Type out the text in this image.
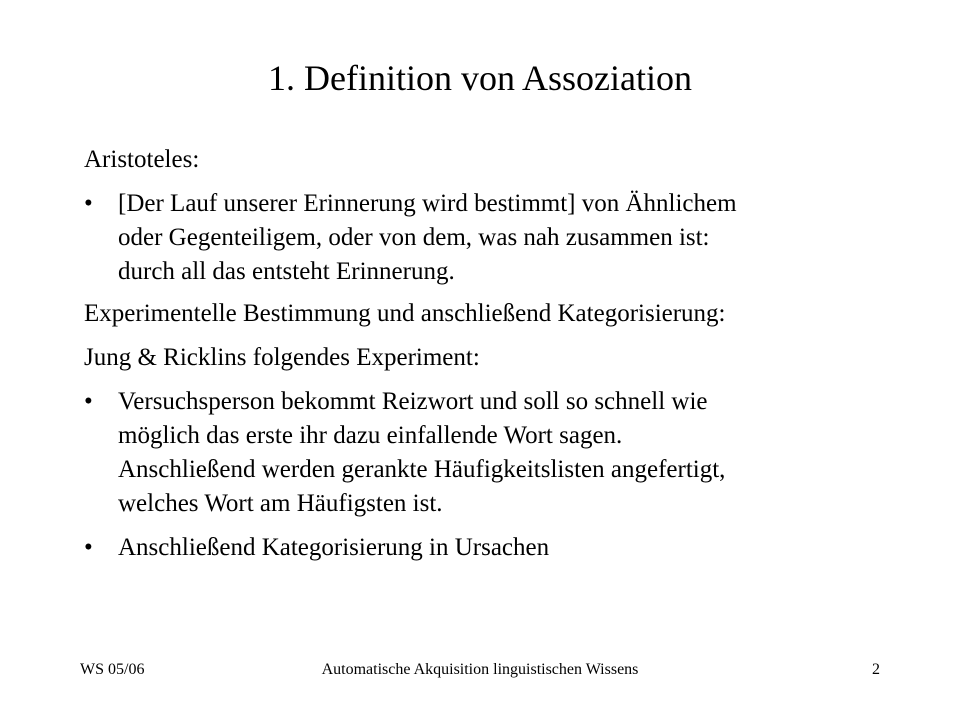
1. Definition von Assoziation
Aristoteles:
•	[Der Lauf unserer Erinnerung wird bestimmt] von Ähnlichem
oder Gegenteiligem, oder von dem, was nah zusammen ist:
durch all das entsteht Erinnerung.
Experimentelle Bestimmung und anschließend Kategorisierung:
Jung & Ricklins folgendes Experiment:
•	Versuchsperson bekommt Reizwort und soll so schnell wie
möglich das erste ihr dazu einfallende Wort sagen.
Anschließend werden gerankte Häufigkeitslisten angefertigt,
welches Wort am Häufigsten ist.
•	Anschließend Kategorisierung in Ursachen
WS 05/06	Automatische Akquisition linguistischen Wissens	2
